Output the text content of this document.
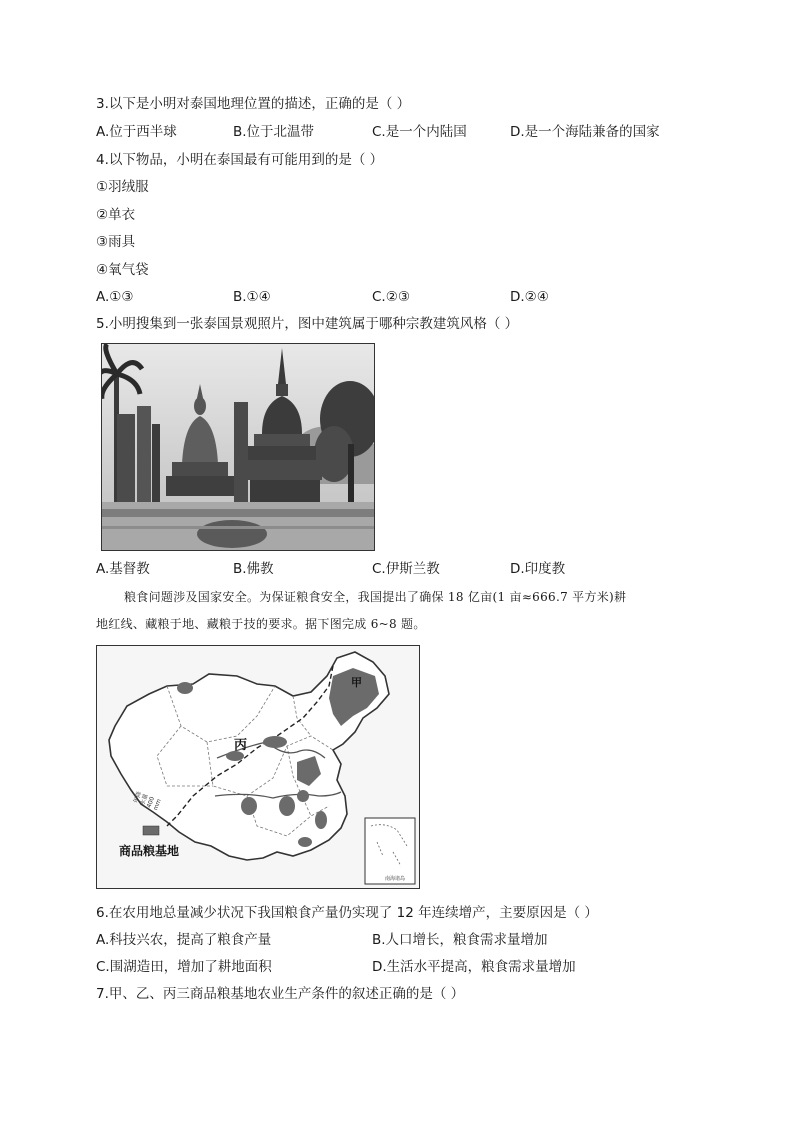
3.以下是小明对泰国地理位置的描述，正确的是（ ）
A.位于西半球	B.位于北温带	C.是一个内陆国	D.是一个海陆兼备的国家
4.以下物品，小明在泰国最有可能用到的是（ ）
①羽绒服
②单衣
③雨具
④氧气袋
A.①③	B.①④	C.②③	D.②④
5.小明搜集到一张泰国景观照片，图中建筑属于哪种宗教建筑风格（ ）
A.基督教	B.佛教	C.伊斯兰教	D.印度教
粮食问题涉及国家安全。为保证粮食安全，我国提出了确保 18 亿亩(1 亩≈666.7 平方米)耕
地红线、藏粮于地、藏粮于技的要求。据下图完成 6~8 题。
甲
丙
年降水量 400 mm
商品粮基地
南海诸岛
6.在农用地总量减少状况下我国粮食产量仍实现了 12 年连续增产，主要原因是（ ）
A.科技兴农，提高了粮食产量	B.人口增长，粮食需求量增加
C.围湖造田，增加了耕地面积	D.生活水平提高，粮食需求量增加
7.甲、乙、丙三商品粮基地农业生产条件的叙述正确的是（ ）
